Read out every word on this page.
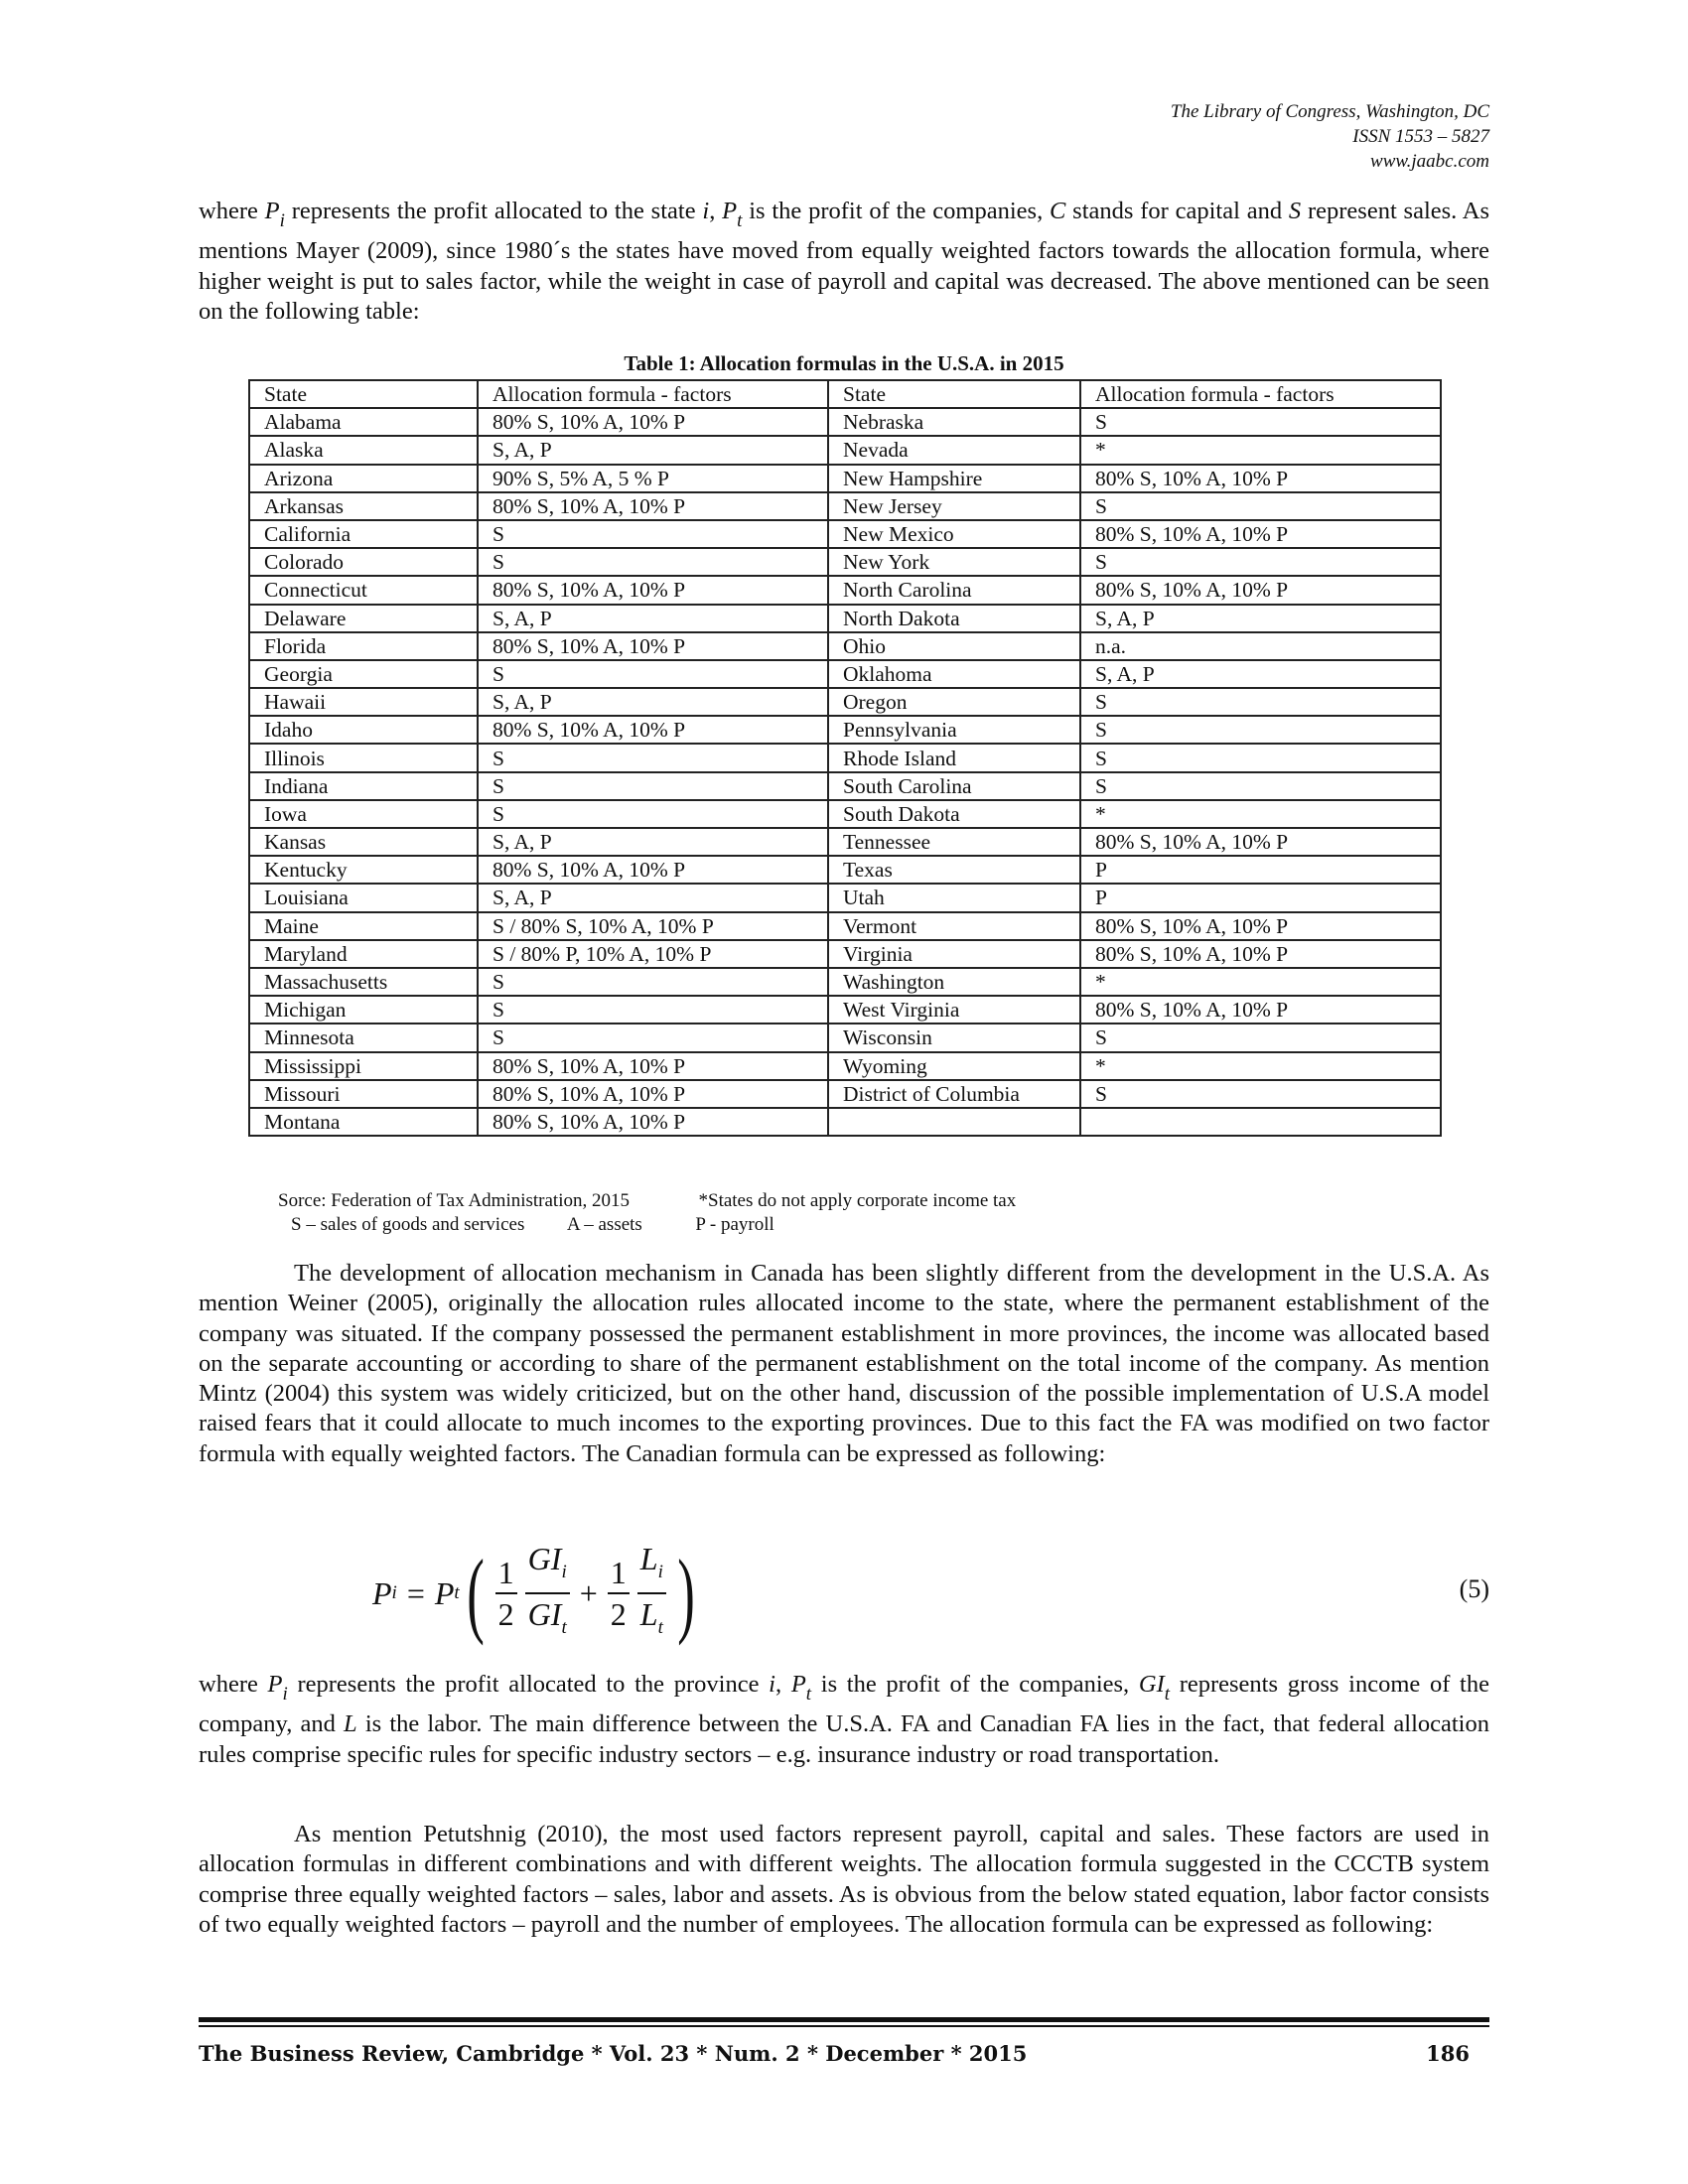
The Library of Congress, Washington, DC
ISSN 1553 – 5827
www.jaabc.com

where $P_i$ represents the profit allocated to the state i, $P_t$ is the profit of the companies, C stands for capital and S represent sales. As mentions Mayer (2009), since 1980´s the states have moved from equally weighted factors towards the allocation formula, where higher weight is put to sales factor, while the weight in case of payroll and capital was decreased. The above mentioned can be seen on the following table:

Table 1: Allocation formulas in the U.S.A. in 2015
State	Allocation formula - factors	State	Allocation formula - factors
Alabama	80% S, 10% A, 10% P	Nebraska	S
Alaska	S, A, P	Nevada	*
Arizona	90% S, 5% A, 5 % P	New Hampshire	80% S, 10% A, 10% P
Arkansas	80% S, 10% A, 10% P	New Jersey	S
California	S	New Mexico	80% S, 10% A, 10% P
Colorado	S	New York	S
Connecticut	80% S, 10% A, 10% P	North Carolina	80% S, 10% A, 10% P
Delaware	S, A, P	North Dakota	S, A, P
Florida	80% S, 10% A, 10% P	Ohio	n.a.
Georgia	S	Oklahoma	S, A, P
Hawaii	S, A, P	Oregon	S
Idaho	80% S, 10% A, 10% P	Pennsylvania	S
Illinois	S	Rhode Island	S
Indiana	S	South Carolina	S
Iowa	S	South Dakota	*
Kansas	S, A, P	Tennessee	80% S, 10% A, 10% P
Kentucky	80% S, 10% A, 10% P	Texas	P
Louisiana	S, A, P	Utah	P
Maine	S / 80% S, 10% A, 10% P	Vermont	80% S, 10% A, 10% P
Maryland	S / 80% P, 10% A, 10% P	Virginia	80% S, 10% A, 10% P
Massachusetts	S	Washington	*
Michigan	S	West Virginia	80% S, 10% A, 10% P
Minnesota	S	Wisconsin	S
Mississippi	80% S, 10% A, 10% P	Wyoming	*
Missouri	80% S, 10% A, 10% P	District of Columbia	S
Montana	80% S, 10% A, 10% P		
Sorce: Federation of Tax Administration, 2015	*States do not apply corporate income tax
S – sales of goods and services A – assets	P - payroll

The development of allocation mechanism in Canada has been slightly different from the development in the U.S.A. As mention Weiner (2005), originally the allocation rules allocated income to the state, where the permanent establishment of the company was situated. If the company possessed the permanent establishment in more provinces, the income was allocated based on the separate accounting or according to share of the permanent establishment on the total income of the company. As mention Mintz (2004) this system was widely criticized, but on the other hand, discussion of the possible implementation of U.S.A model raised fears that it could allocate to much incomes to the exporting provinces. Due to this fact the FA was modified on two factor formula with equally weighted factors. The Canadian formula can be expressed as following:

P i = P t ( $\frac{1}{2} \frac{GI_i}{GI_t} + \frac{1}{2} \frac{L_i}{L_t}$ )	(5)

where $P_i$ represents the profit allocated to the province i, $P_t$ is the profit of the companies, $GI_t$ represents gross income of the company, and L is the labor. The main difference between the U.S.A. FA and Canadian FA lies in the fact, that federal allocation rules comprise specific rules for specific industry sectors – e.g. insurance industry or road transportation.

As mention Petutshnig (2010), the most used factors represent payroll, capital and sales. These factors are used in allocation formulas in different combinations and with different weights. The allocation formula suggested in the CCCTB system comprise three equally weighted factors – sales, labor and assets. As is obvious from the below stated equation, labor factor consists of two equally weighted factors – payroll and the number of employees. The allocation formula can be expressed as following:

The Business Review, Cambridge * Vol. 23 * Num. 2 * December * 2015	186
